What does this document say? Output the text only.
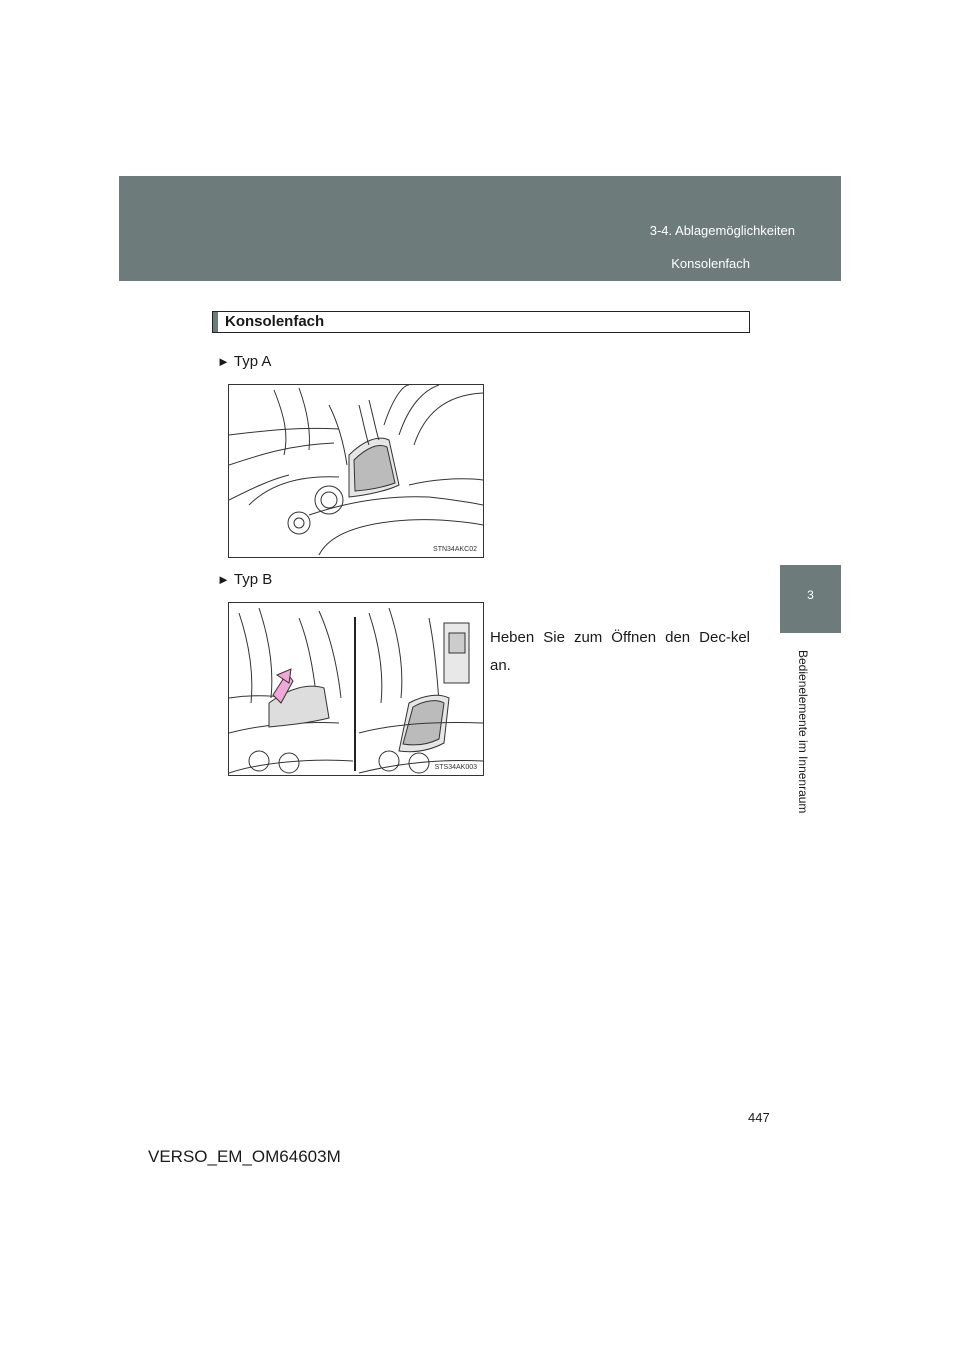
3-4. Ablagemöglichkeiten
Konsolenfach
3
Bedienelemente im Innenraum
Konsolenfach
► Typ A
STN34AKC02
► Typ B
STS34AK003
Heben Sie zum Öffnen den Dec-kel an.
447
VERSO_EM_OM64603M
